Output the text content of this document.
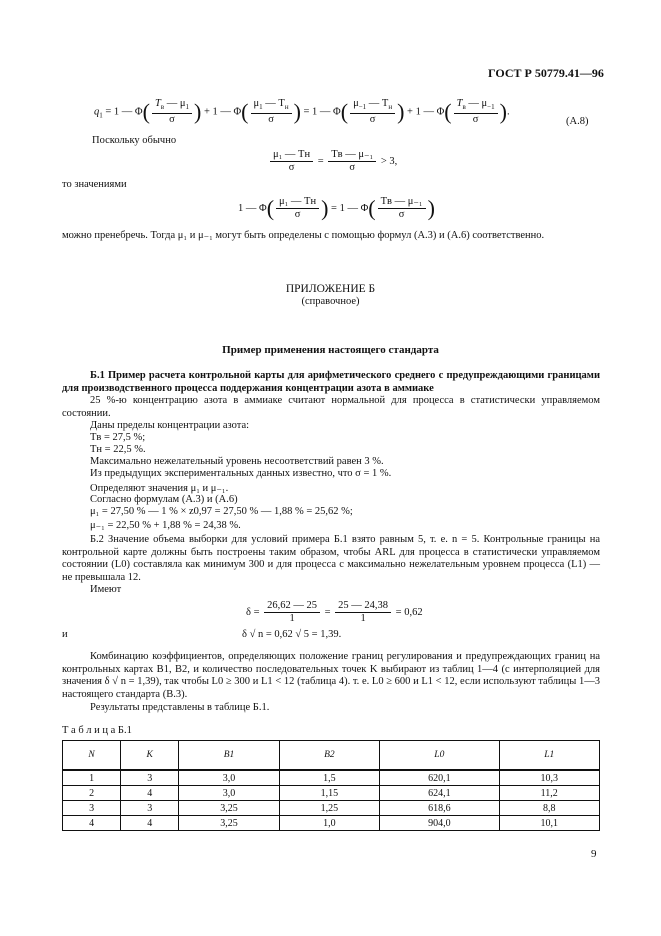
ГОСТ Р 50779.41—96
$q_1 = 1$ — $\Phi( \frac{T_в — \mu_1}{\sigma}$ ) + 1 — $\Phi( \frac{\mu_1 — T_н}{\sigma}$ ) = 1 — $\Phi( \frac{\mu_{-1} — T_н}{\sigma}$ ) + 1 — $\Phi( \frac{T_в — \mu_{-1}}{\sigma}$ ).
(A.8)
Поскольку обычно
$\frac{\text{μ₁ — Tн}}{\sigma} = \frac{\text{Tв — μ₋₁}}{\sigma} > 3$,
то значениями
1 — $\Phi( \frac{\text{μ₁ — Tн}}{\sigma}$ ) = 1 — $\Phi( \frac{\text{Tв — μ₋₁}}{\sigma}$ )
можно пренебречь. Тогда μ₁ и μ₋₁ могут быть определены с помощью формул (А.3) и (А.6) соответственно.
ПРИЛОЖЕНИЕ Б
(справочное)
Пример применения настоящего стандарта
Б.1 Пример расчета контрольной карты для арифметического среднего с предупреждающими границами для производственного процесса поддержания концентрации азота в аммиаке
25 %-ю концентрацию азота в аммиаке считают нормальной для процесса в статистически управляемом состоянии.
Даны пределы концентрации азота:
Tв = 27,5 %;
Tн = 22,5 %.
Максимально нежелательный уровень несоответствий равен 3 %.
Из предыдущих экспериментальных данных известно, что σ = 1 %.
Определяют значения μ₁ и μ₋₁.
Согласно формулам (А.3) и (А.6)
μ₁ = 27,50 % — 1 % × z0,97 = 27,50 % — 1,88 % = 25,62 %;
μ₋₁ = 22,50 % + 1,88 % = 24,38 %.
Б.2 Значение объема выборки для условий примера Б.1 взято равным 5, т. е. n = 5. Контрольные границы на контрольной карте должны быть построены таким образом, чтобы ARL для процесса в статистически управляемом состоянии (L0) составляла как минимум 300 и для процесса с максимально нежелательным уровнем процесса (L1) — не превышала 12.
Имеют
$\delta = \frac{26,62 — 25}{1} = \frac{25 — 24,38}{1} = 0,62$
и	δ √ n = 0,62 √ 5 = 1,39.
Комбинацию коэффициентов, определяющих положение границ регулирования и предупреждающих границ на контрольных картах B1, B2, и количество последовательных точек K выбирают из таблиц 1—4 (с интерполяцией для значения δ √ n = 1,39), так чтобы L0 ≥ 300 и L1 < 12 (таблица 4). т. е. L0 ≥ 600 и L1 < 12, если используют таблицы 1—3 настоящего стандарта (В.3).
Результаты представлены в таблице Б.1.
Т а б л и ц а Б.1
N	K	B1	B2	L0	L1
1	3	3,0	1,5	620,1	10,3
2	4	3,0	1,15	624,1	11,2
3	3	3,25	1,25	618,6	8,8
4	4	3,25	1,0	904,0	10,1
9
